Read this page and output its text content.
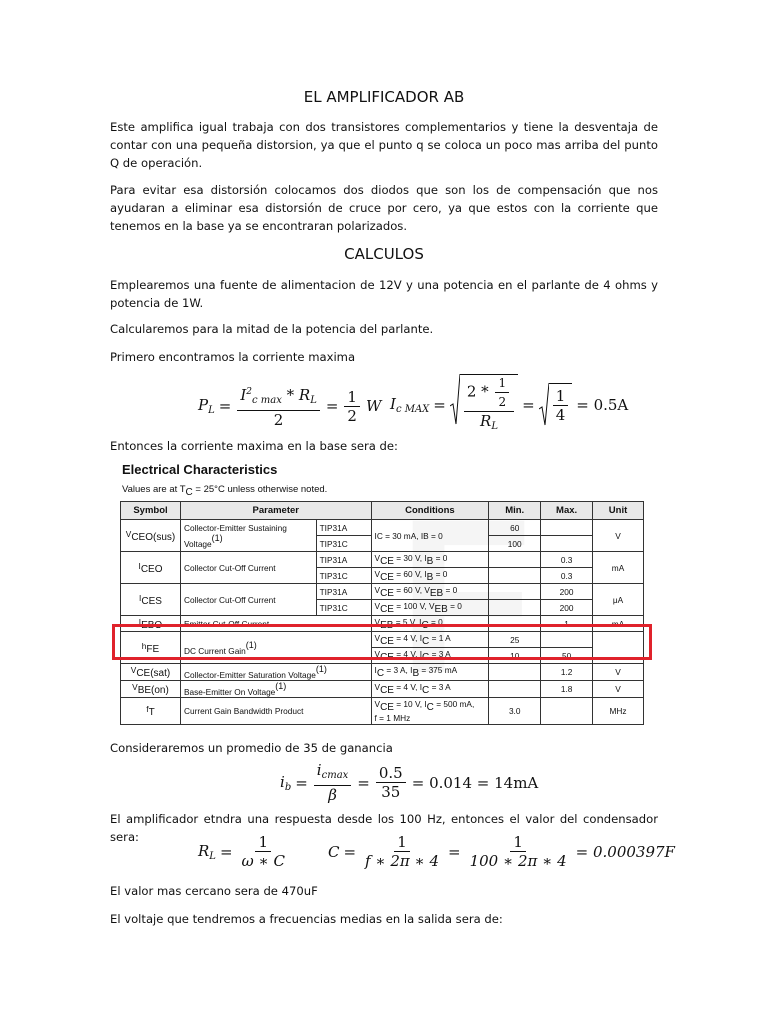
EL AMPLIFICADOR AB

Este amplifica igual trabaja con dos transistores complementarios y tiene la desventaja de contar con una pequeña distorsion, ya que el punto q se coloca un poco mas arriba del punto Q de operación.

Para evitar esa distorsión colocamos dos diodos que son los de compensación que nos ayudaran a eliminar esa distorsión de cruce por cero, ya que estos con la corriente que tenemos en la base ya se encontraran polarizados.

CALCULOS

Emplearemos una fuente de alimentacion de 12V y una potencia en el parlante de 4 ohms y potencia de 1W.

Calcularemos para la mitad de la potencia del parlante.

Primero encontramos la corriente maxima

$P_L = \frac{I^2_{c max} * R_L}{2} = \frac{1}{2}$ W $I_{c MAX} = \frac{2 * \frac{1}{2}}{R_L} = \frac{1}{4} = 0.5A$

Entonces la corriente maxima en la base sera de:

Electrical Characteristics
Values are at TC = 25°C unless otherwise noted.
Symbol	Parameter		Conditions	Min.	Max.	Unit
VCEO(sus)	Collector-Emitter Sustaining Voltage(1)	TIP31A	IC = 30 mA, IB = 0	60		V
		TIP31C		100		
ICEO	Collector Cut-Off Current	TIP31A	VCE = 30 V, IB = 0		0.3	mA
		TIP31C	VCE = 60 V, IB = 0		0.3	
ICES	Collector Cut-Off Current	TIP31A	VCE = 60 V, VEB = 0		200	μA
		TIP31C	VCE = 100 V, VEB = 0		200	
IEBO	Emitter Cut-Off Current		VEB = 5 V, IC = 0		1	mA
hFE	DC Current Gain(1)		VCE = 4 V, IC = 1 A	25		
			VCE = 4 V, IC = 3 A	10	50	
VCE(sat)	Collector-Emitter Saturation Voltage(1)		IC = 3 A, IB = 375 mA		1.2	V
VBE(on)	Base-Emitter On Voltage(1)		VCE = 4 V, IC = 3 A		1.8	V
fT	Current Gain Bandwidth Product		VCE = 10 V, IC = 500 mA,
f = 1 MHz	3.0		MHz

Consideraremos un promedio de 35 de ganancia

$i_b = \frac{i_{cmax}}{\beta} = \frac{0.5}{35} = 0.014 = 14mA$

El amplificador etndra una respuesta desde los 100 Hz, entonces el valor del condensador sera:

$R_L = \frac{1}{\omega ∗ C}$	$C = \frac{1}{f ∗ 2\pi ∗ 4} = \frac{1}{100 ∗ 2\pi ∗ 4} = 0.000397F$

El valor mas cercano sera de 470uF

El voltaje que tendremos a frecuencias medias en la salida sera de:
